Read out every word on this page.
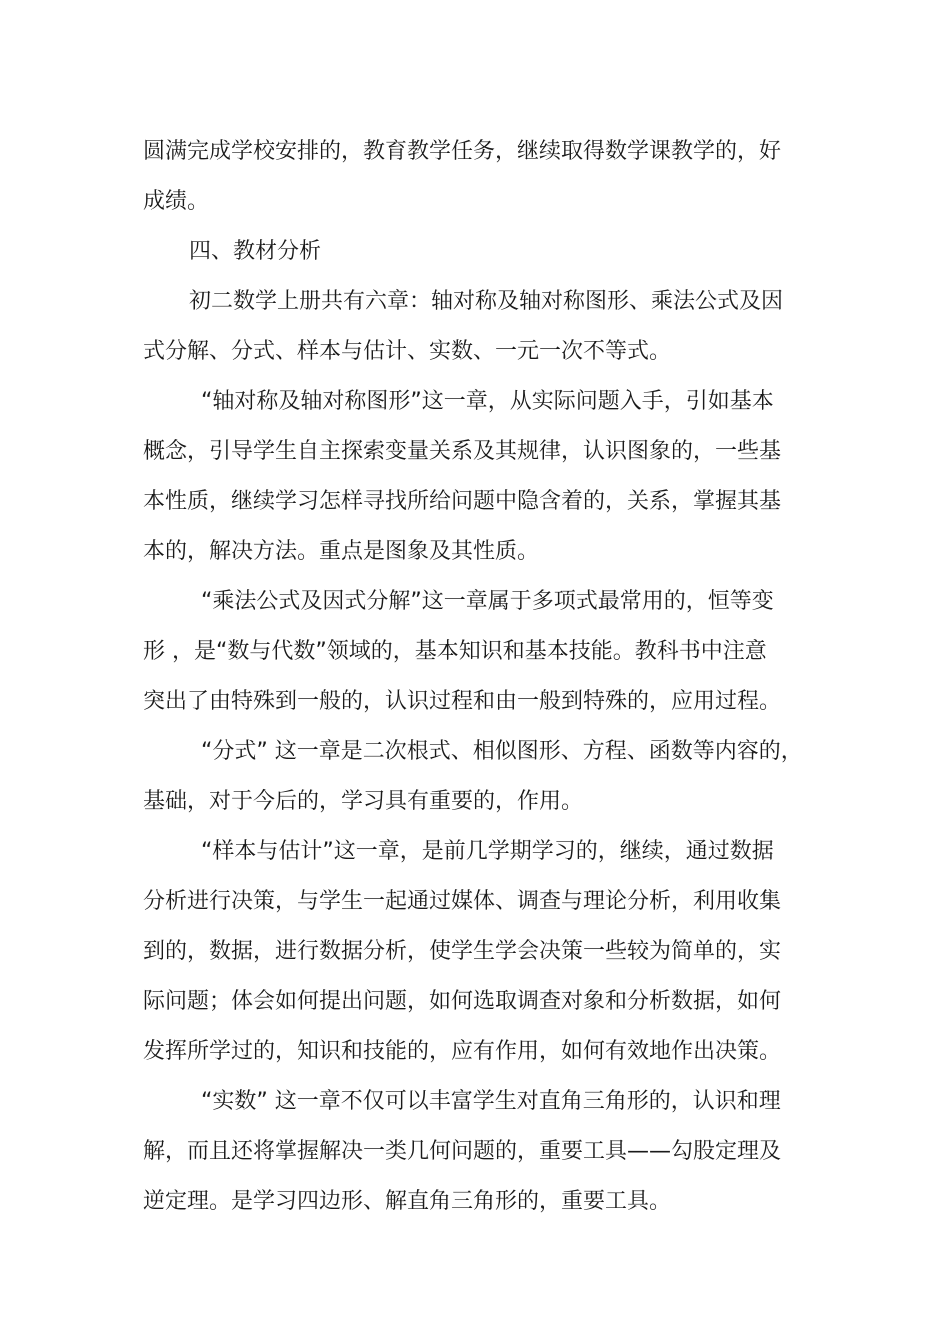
圆满完成学校安排的，教育教学任务，继续取得数学课教学的，好
成绩。
四、教材分析
初二数学上册共有六章：轴对称及轴对称图形、乘法公式及因
式分解、分式、样本与估计、实数、一元一次不等式。
“轴对称及轴对称图形”这一章，从实际问题入手，引如基本
概念，引导学生自主探索变量关系及其规律，认识图象的，一些基
本性质，继续学习怎样寻找所给问题中隐含着的，关系，掌握其基
本的，解决方法。重点是图象及其性质。
“乘法公式及因式分解”这一章属于多项式最常用的，恒等变
形 ，是“数与代数”领域的，基本知识和基本技能。教科书中注意
突出了由特殊到一般的，认识过程和由一般到特殊的，应用过程。
“分式” 这一章是二次根式、相似图形、方程、函数等内容的，
基础，对于今后的，学习具有重要的，作用。
“样本与估计”这一章，是前几学期学习的，继续，通过数据
分析进行决策，与学生一起通过媒体、调查与理论分析，利用收集
到的，数据，进行数据分析，使学生学会决策一些较为简单的，实
际问题；体会如何提出问题，如何选取调查对象和分析数据，如何
发挥所学过的，知识和技能的，应有作用，如何有效地作出决策。
“实数” 这一章不仅可以丰富学生对直角三角形的，认识和理
解，而且还将掌握解决一类几何问题的，重要工具——勾股定理及
逆定理。是学习四边形、解直角三角形的，重要工具。
